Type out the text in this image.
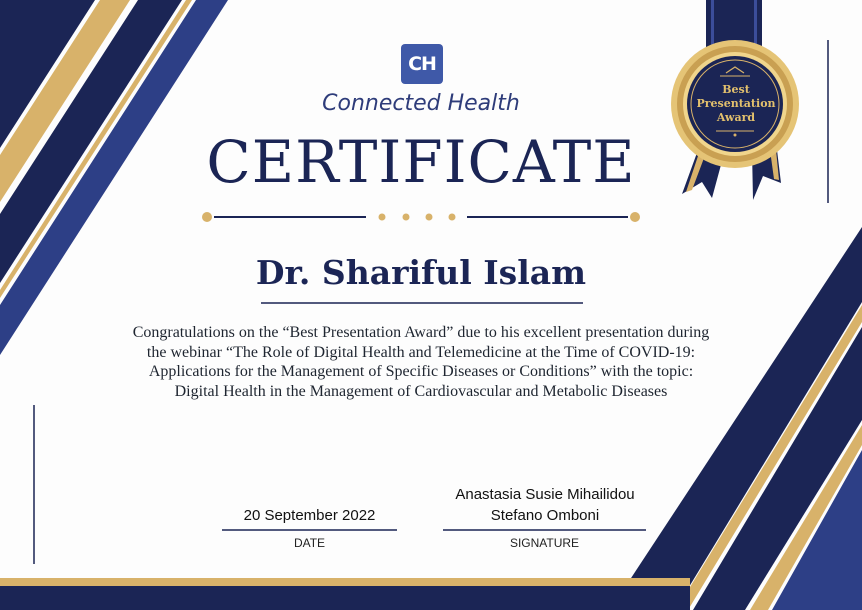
CH
Connected Health
CERTIFICATE
Dr. Shariful Islam
Congratulations on the “Best Presentation Award” due to his excellent presentation during the webinar “The Role of Digital Health and Telemedicine at the Time of COVID-19: Applications for the Management of Specific Diseases or Conditions” with the topic: Digital Health in the Management of Cardiovascular and Metabolic Diseases
Best
Presentation
Award
20 September 2022
DATE
Anastasia Susie Mihailidou
Stefano Omboni
SIGNATURE
